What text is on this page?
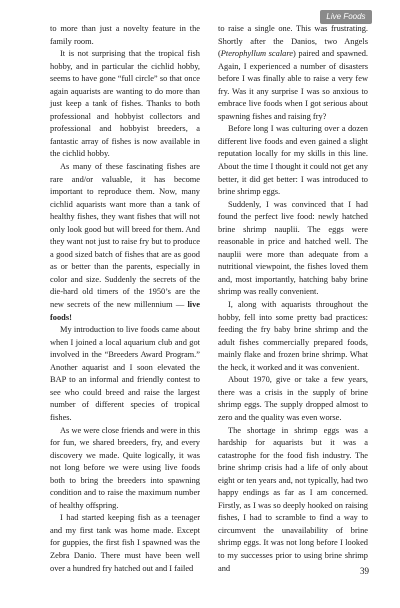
Live Foods

to more than just a novelty feature in the family room.

It is not surprising that the tropical fish hobby, and in particular the cichlid hobby, seems to have gone “full circle” so that once again aquarists are wanting to do more than just keep a tank of fishes. Thanks to both professional and hobbyist collectors and professional and hobbyist breeders, a fantastic array of fishes is now available in the cichlid hobby.

As many of these fascinating fishes are rare and/or valuable, it has become important to reproduce them. Now, many cichlid aquarists want more than a tank of healthy fishes, they want fishes that will not only look good but will breed for them. And they want not just to raise fry but to produce a good sized batch of fishes that are as good as or better than the parents, especially in color and size. Suddenly the secrets of the die-hard old timers of the 1950’s are the new secrets of the new millennium — live foods!

My introduction to live foods came about when I joined a local aquarium club and got involved in the “Breeders Award Program.” Another aquarist and I soon elevated the BAP to an informal and friendly contest to see who could breed and raise the largest number of different species of tropical fishes.

As we were close friends and were in this for fun, we shared breeders, fry, and every discovery we made. Quite logically, it was not long before we were using live foods both to bring the breeders into spawning condition and to raise the maximum number of healthy offspring.

I had started keeping fish as a teenager and my first tank was home made. Except for guppies, the first fish I spawned was the Zebra Danio. There must have been well over a hundred fry hatched out and I failed

to raise a single one. This was frustrating. Shortly after the Danios, two Angels (Pterophyllum scalare) paired and spawned. Again, I experienced a number of disasters before I was finally able to raise a very few fry. Was it any surprise I was so anxious to embrace live foods when I got serious about spawning fishes and raising fry?

Before long I was culturing over a dozen different live foods and even gained a slight reputation locally for my skills in this line. About the time I thought it could not get any better, it did get better: I was introduced to brine shrimp eggs.

Suddenly, I was convinced that I had found the perfect live food: newly hatched brine shrimp nauplii. The eggs were reasonable in price and hatched well. The nauplii were more than adequate from a nutritional viewpoint, the fishes loved them and, most importantly, hatching baby brine shrimp was really convenient.

I, along with aquarists throughout the hobby, fell into some pretty bad practices: feeding the fry baby brine shrimp and the adult fishes commercially prepared foods, mainly flake and frozen brine shrimp. What the heck, it worked and it was convenient.

About 1970, give or take a few years, there was a crisis in the supply of brine shrimp eggs. The supply dropped almost to zero and the quality was even worse.

The shortage in shrimp eggs was a hardship for aquarists but it was a catastrophe for the food fish industry. The brine shrimp crisis had a life of only about eight or ten years and, not typically, had two happy endings as far as I am concerned. Firstly, as I was so deeply hooked on raising fishes, I had to scramble to find a way to circumvent the unavailability of brine shrimp eggs. It was not long before I looked to my successes prior to using brine shrimp and	39
